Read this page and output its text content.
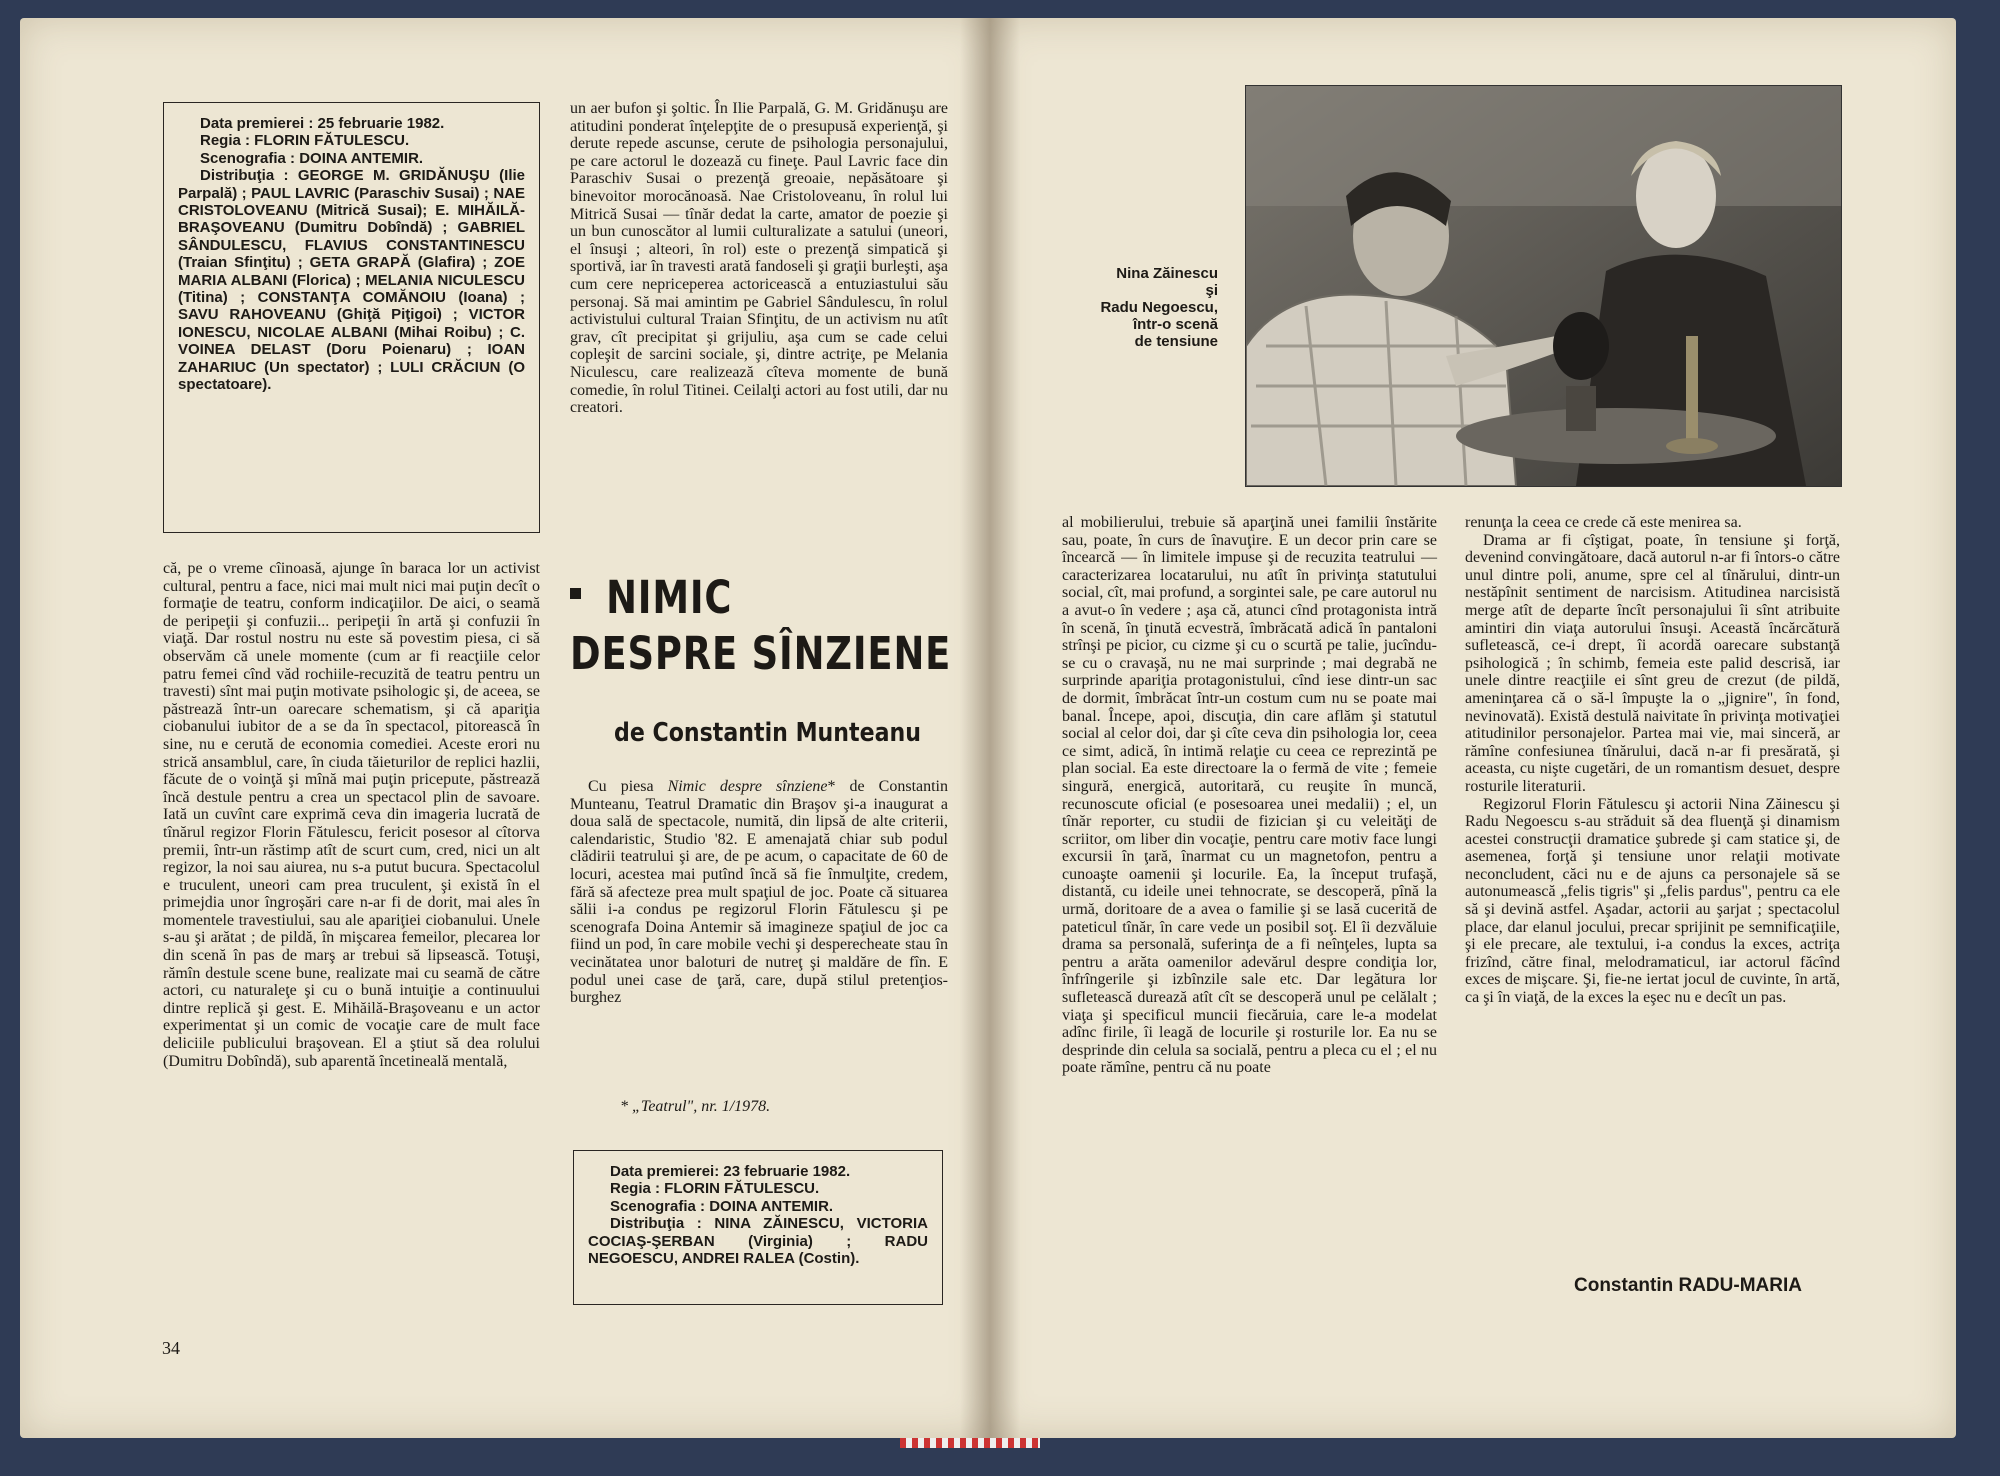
Data premierei : 25 februarie 1982.

Regia : FLORIN FĂTULESCU.

Scenografia : DOINA ANTEMIR.

Distribuţia : GEORGE M. GRIDĂNUŞU (Ilie Parpală) ; PAUL LAVRIC (Paraschiv Susai) ; NAE CRISTOLOVEANU (Mitrică Susai); E. MIHĂILĂ-BRAŞOVEANU (Dumitru Dobîndă) ; GABRIEL SÂNDULESCU, FLAVIUS CONSTANTINESCU (Traian Sfinţitu) ; GETA GRAPĂ (Glafira) ; ZOE MARIA ALBANI (Florica) ; MELANIA NICULESCU (Titina) ; CONSTANŢA COMĂNOIU (Ioana) ; SAVU RAHOVEANU (Ghiţă Piţigoi) ; VICTOR IONESCU, NICOLAE ALBANI (Mihai Roibu) ; C. VOINEA DELAST (Doru Poienaru) ; IOAN ZAHARIUC (Un spectator) ; LULI CRĂCIUN (O spectatoare).

că, pe o vreme cîinoasă, ajunge în baraca lor un activist cultural, pentru a face, nici mai mult nici mai puţin decît o formaţie de teatru, conform indicaţiilor. De aici, o seamă de peripeţii şi confuzii... peripeţii în artă şi confuzii în viaţă. Dar rostul nostru nu este să povestim piesa, ci să observăm că unele momente (cum ar fi reacţiile celor patru femei cînd văd rochiile-recuzită de teatru pentru un travesti) sînt mai puţin motivate psihologic şi, de aceea, se păstrează într-un oarecare schematism, şi că apariţia ciobanului iubitor de a se da în spectacol, pitorească în sine, nu e cerută de economia comediei. Aceste erori nu strică ansamblul, care, în ciuda tăieturilor de replici hazlii, făcute de o voinţă şi mînă mai puţin pricepute, păstrează încă destule pentru a crea un spectacol plin de savoare. Iată un cuvînt care exprimă ceva din imageria lucrată de tînărul regizor Florin Fătulescu, fericit posesor al cîtorva premii, într-un răstimp atît de scurt cum, cred, nici un alt regizor, la noi sau aiurea, nu s-a putut bucura. Spectacolul e truculent, uneori cam prea truculent, şi există în el primejdia unor îngroşări care n-ar fi de dorit, mai ales în momentele travestiului, sau ale apariţiei ciobanului. Unele s-au şi arătat ; de pildă, în mişcarea femeilor, plecarea lor din scenă în pas de marş ar trebui să lipsească. Totuşi, rămîn destule scene bune, realizate mai cu seamă de către actori, cu naturaleţe şi cu o bună intuiţie a continuului dintre replică şi gest. E. Mihăilă-Braşoveanu e un actor experimentat şi un comic de vocaţie care de mult face deliciile publicului braşovean. El a ştiut să dea rolului (Dumitru Dobîndă), sub aparentă încetineală mentală,

un aer bufon şi şoltic. În Ilie Parpală, G. M. Gridănuşu are atitudini ponderat înţelepţite de o presupusă experienţă, şi derute repede ascunse, cerute de psihologia personajului, pe care actorul le dozează cu fineţe. Paul Lavric face din Paraschiv Susai o prezenţă greoaie, nepăsătoare şi binevoitor morocănoasă. Nae Cristoloveanu, în rolul lui Mitrică Susai — tînăr dedat la carte, amator de poezie şi un bun cunoscător al lumii culturalizate a satului (uneori, el însuşi ; alteori, în rol) este o prezenţă simpatică şi sportivă, iar în travesti arată fandoseli şi graţii burleşti, aşa cum cere nepriceperea actoricească a entuziastului său personaj. Să mai amintim pe Gabriel Sândulescu, în rolul activistului cultural Traian Sfinţitu, de un activism nu atît grav, cît precipitat şi grijuliu, aşa cum se cade celui copleşit de sarcini sociale, şi, dintre actriţe, pe Melania Niculescu, care realizează cîteva momente de bună comedie, în rolul Titinei. Ceilalţi actori au fost utili, dar nu creatori.

NIMIC
DESPRE SÎNZIENE
de Constantin Munteanu

Cu piesa Nimic despre sînziene* de Constantin Munteanu, Teatrul Dramatic din Braşov şi-a inaugurat a doua sală de spectacole, numită, din lipsă de alte criterii, calendaristic, Studio '82. E amenajată chiar sub podul clădirii teatrului şi are, de pe acum, o capacitate de 60 de locuri, acestea mai putînd încă să fie înmulţite, credem, fără să afecteze prea mult spaţiul de joc. Poate că situarea sălii i-a condus pe regizorul Florin Fătulescu şi pe scenografa Doina Antemir să imagineze spaţiul de joc ca fiind un pod, în care mobile vechi şi desperecheate stau în vecinătatea unor baloturi de nutreţ şi maldăre de fîn. E podul unei case de ţară, care, după stilul pretenţios-burghez

* „Teatrul", nr. 1/1978.

Data premierei: 23 februarie 1982.

Regia : FLORIN FĂTULESCU.

Scenografia : DOINA ANTEMIR.

Distribuţia : NINA ZĂINESCU, VICTORIA COCIAŞ-ŞERBAN (Virginia) ; RADU NEGOESCU, ANDREI RALEA (Costin).

34
Nina Zăinescu
şi
Radu Negoescu,
într-o scenă
de tensiune

al mobilierului, trebuie să aparţină unei familii înstărite sau, poate, în curs de înavuţire. E un decor prin care se încearcă — în limitele impuse şi de recuzita teatrului — caracterizarea locatarului, nu atît în privinţa statutului social, cît, mai profund, a sorgintei sale, pe care autorul nu a avut-o în vedere ; aşa că, atunci cînd protagonista intră în scenă, în ţinută ecvestră, îmbrăcată adică în pantaloni strînşi pe picior, cu cizme şi cu o scurtă pe talie, jucîndu-se cu o cravaşă, nu ne mai surprinde ; mai degrabă ne surprinde apariţia protagonistului, cînd iese dintr-un sac de dormit, îmbrăcat într-un costum cum nu se poate mai banal. Începe, apoi, discuţia, din care aflăm şi statutul social al celor doi, dar şi cîte ceva din psihologia lor, ceea ce simt, adică, în intimă relaţie cu ceea ce reprezintă pe plan social. Ea este directoare la o fermă de vite ; femeie singură, energică, autoritară, cu reuşite în muncă, recunoscute oficial (e posesoarea unei medalii) ; el, un tînăr reporter, cu studii de fizician şi cu veleităţi de scriitor, om liber din vocaţie, pentru care motiv face lungi excursii în ţară, înarmat cu un magnetofon, pentru a cunoaşte oamenii şi locurile. Ea, la început trufaşă, distantă, cu ideile unei tehnocrate, se descoperă, pînă la urmă, doritoare de a avea o familie şi se lasă cucerită de pateticul tînăr, în care vede un posibil soţ. El îi dezvăluie drama sa personală, suferinţa de a fi neînţeles, lupta sa pentru a arăta oamenilor adevărul despre condiţia lor, înfrîngerile şi izbînzile sale etc. Dar legătura lor sufletească durează atît cît se descoperă unul pe celălalt ; viaţa şi specificul muncii fiecăruia, care le-a modelat adînc firile, îi leagă de locurile şi rosturile lor. Ea nu se desprinde din celula sa socială, pentru a pleca cu el ; el nu poate rămîne, pentru că nu poate

renunţa la ceea ce crede că este menirea sa.

Drama ar fi cîştigat, poate, în tensiune şi forţă, devenind convingătoare, dacă autorul n-ar fi întors-o către unul dintre poli, anume, spre cel al tînărului, dintr-un nestăpînit sentiment de narcisism. Atitudinea narcisistă merge atît de departe încît personajului îi sînt atribuite amintiri din viaţa autorului însuşi. Această încărcătură sufletească, ce-i drept, îi acordă oarecare substanţă psihologică ; în schimb, femeia este palid descrisă, iar unele dintre reacţiile ei sînt greu de crezut (de pildă, ameninţarea că o să-l împuşte la o „jignire", în fond, nevinovată). Există destulă naivitate în privinţa motivaţiei atitudinilor personajelor. Partea mai vie, mai sinceră, ar rămîne confesiunea tînărului, dacă n-ar fi presărată, şi aceasta, cu nişte cugetări, de un romantism desuet, despre rosturile literaturii.

Regizorul Florin Fătulescu şi actorii Nina Zăinescu şi Radu Negoescu s-au străduit să dea fluenţă şi dinamism acestei construcţii dramatice şubrede şi cam statice şi, de asemenea, forţă şi tensiune unor relaţii motivate neconcludent, căci nu e de ajuns ca personajele să se autonumească „felis tigris" şi „felis pardus", pentru ca ele să şi devină astfel. Aşadar, actorii au şarjat ; spectacolul place, dar elanul jocului, precar sprijinit pe semnificaţiile, şi ele precare, ale textului, i-a condus la exces, actriţa frizînd, către final, melodramaticul, iar actorul făcînd exces de mişcare. Şi, fie-ne iertat jocul de cuvinte, în artă, ca şi în viaţă, de la exces la eşec nu e decît un pas.

Constantin RADU-MARIA
